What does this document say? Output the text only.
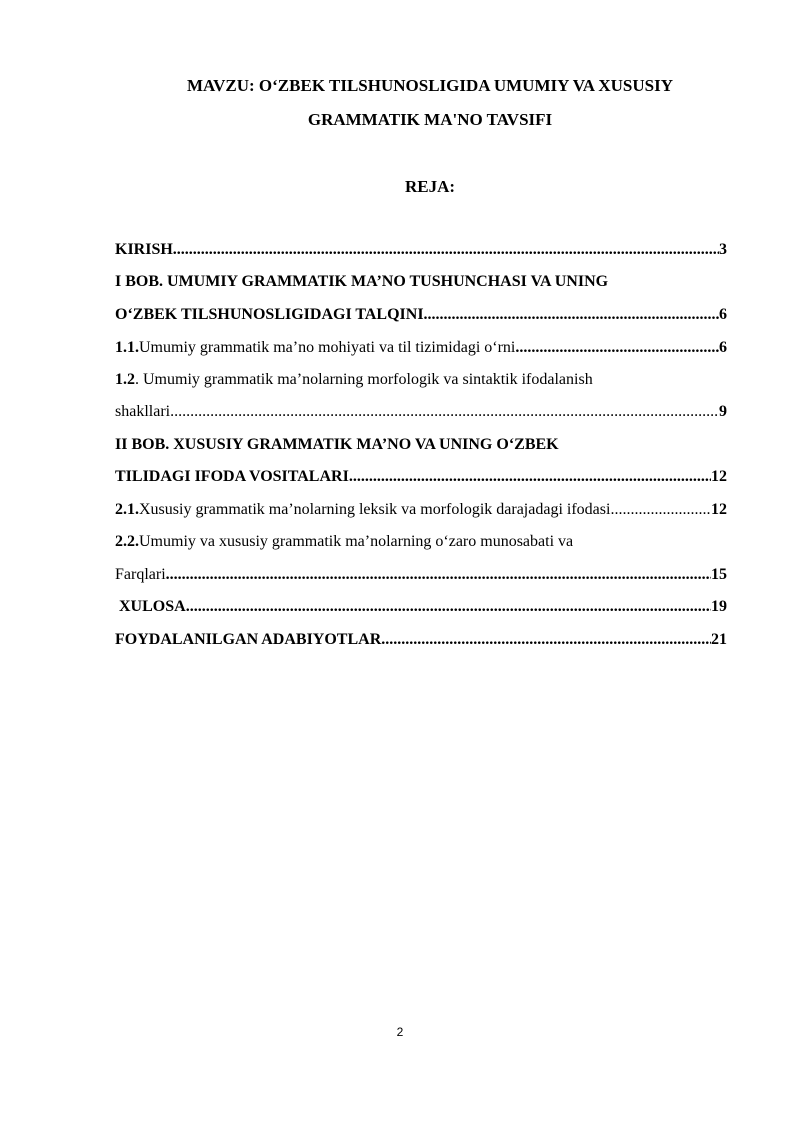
MAVZU: O‘ZBEK TILSHUNOSLIGIDA UMUMIY VA XUSUSIY
GRAMMATIK MA'NO TAVSIFI
REJA:
KIRISH .....	3
I BOB. UMUMIY GRAMMATIK MA’NO TUSHUNCHASI VA UNING
O‘ZBEK TILSHUNOSLIGIDAGI TALQINI .....	6
1.1. Umumiy grammatik ma’no mohiyati va til tizimidagi o‘rni .....	6
1.2 . Umumiy grammatik ma’nolarning morfologik va sintaktik ifodalanish
shakllari .....	9
II BOB. XUSUSIY GRAMMATIK MA’NO VA UNING O‘ZBEK
TILIDAGI IFODA VOSITALARI .....	12
2.1. Xususiy grammatik ma’nolarning leksik va morfologik darajadagi ifodasi .....	12
2.2. Umumiy va xususiy grammatik ma’nolarning o‘zaro munosabati va
Farqlari .....	15
XULOSA .....	19
FOYDALANILGAN ADABIYOTLAR .....	21
2
